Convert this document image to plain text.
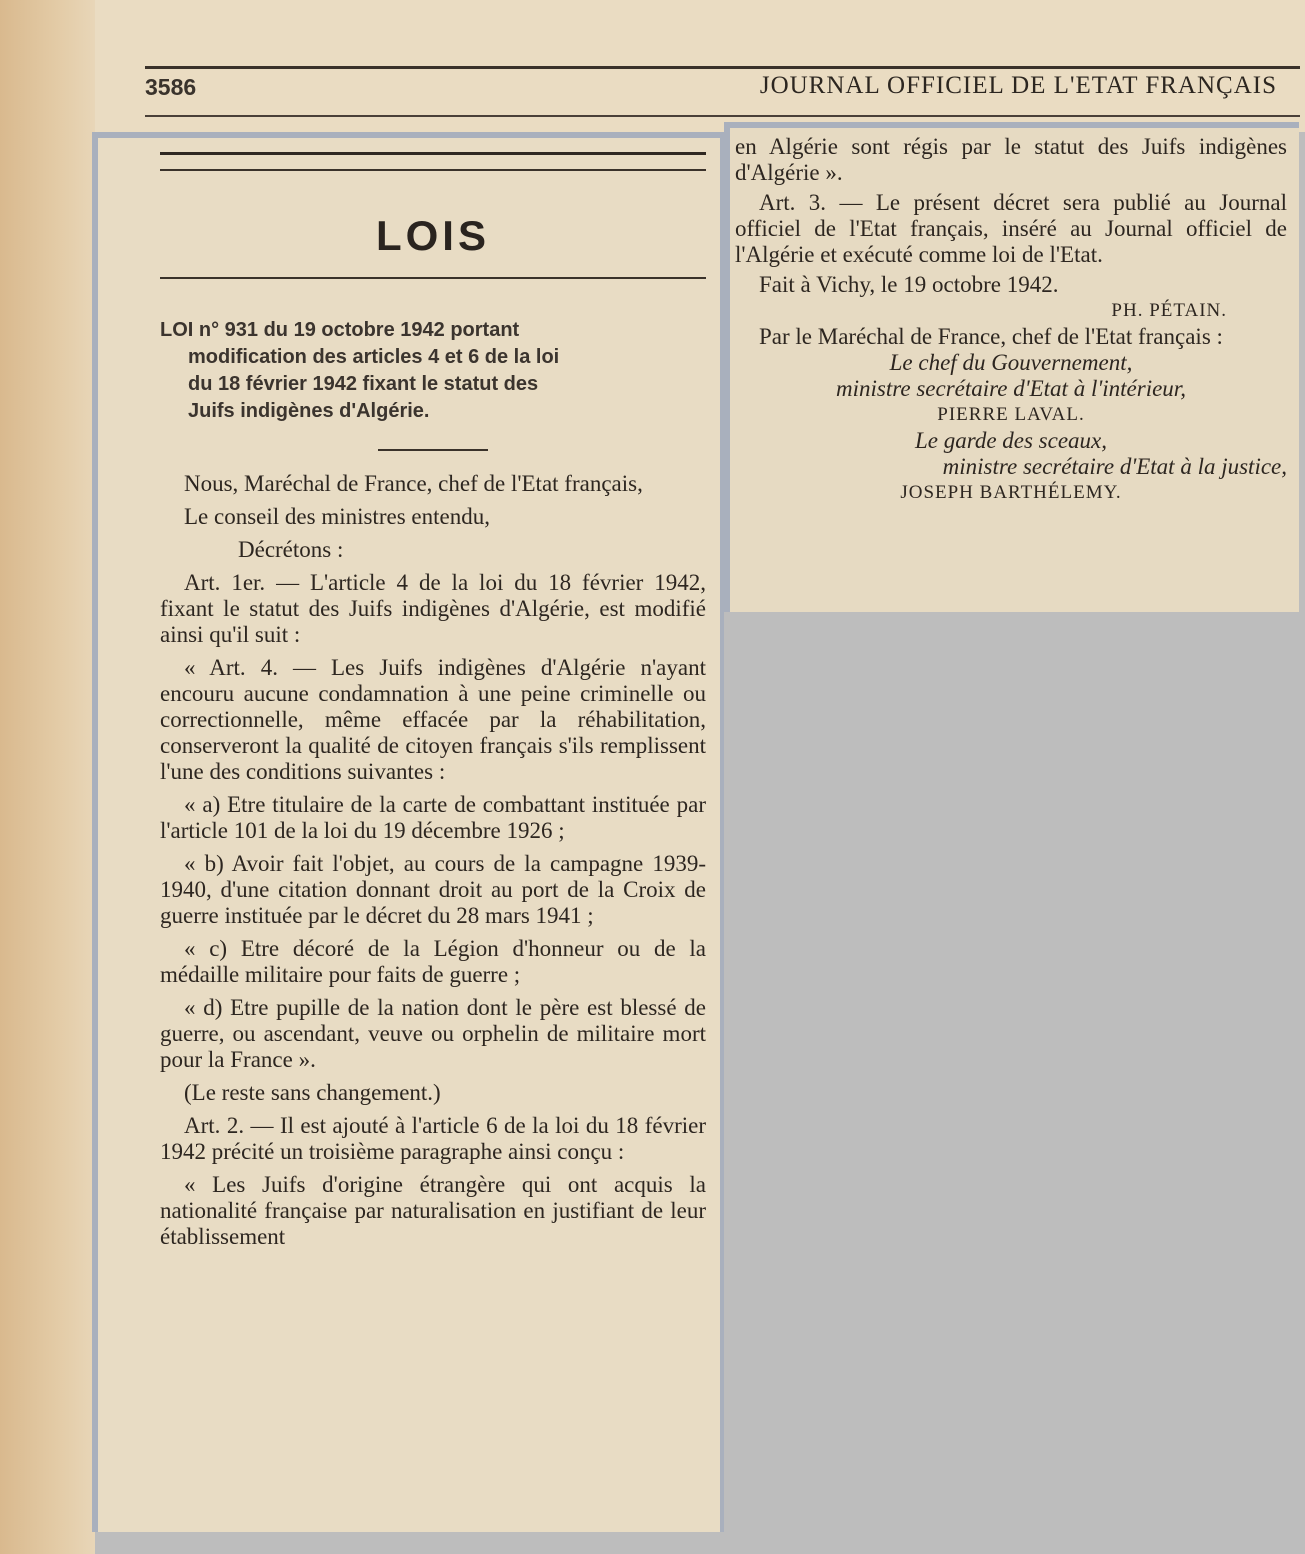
3586	JOURNAL OFFICIEL DE L'ETAT FRANÇAIS
LOIS
LOI n° 931 du 19 octobre 1942 portant
modification des articles 4 et 6 de la loi
du 18 février 1942 fixant le statut des
Juifs indigènes d'Algérie.

Nous, Maréchal de France, chef de l'Etat français,

Le conseil des ministres entendu,

Décrétons :

Art. 1er. — L'article 4 de la loi du 18 février 1942, fixant le statut des Juifs indigènes d'Algérie, est modifié ainsi qu'il suit :

« Art. 4. — Les Juifs indigènes d'Algérie n'ayant encouru aucune condamnation à une peine criminelle ou correctionnelle, même effacée par la réhabilitation, conserveront la qualité de citoyen français s'ils remplissent l'une des conditions suivantes :

« a) Etre titulaire de la carte de combattant instituée par l'article 101 de la loi du 19 décembre 1926 ;

« b) Avoir fait l'objet, au cours de la campagne 1939-1940, d'une citation donnant droit au port de la Croix de guerre instituée par le décret du 28 mars 1941 ;

« c) Etre décoré de la Légion d'honneur ou de la médaille militaire pour faits de guerre ;

« d) Etre pupille de la nation dont le père est blessé de guerre, ou ascendant, veuve ou orphelin de militaire mort pour la France ».

(Le reste sans changement.)

Art. 2. — Il est ajouté à l'article 6 de la loi du 18 février 1942 précité un troisième paragraphe ainsi conçu :

« Les Juifs d'origine étrangère qui ont acquis la nationalité française par naturalisation en justifiant de leur établissement

en Algérie sont régis par le statut des Juifs indigènes d'Algérie ».

Art. 3. — Le présent décret sera publié au Journal officiel de l'Etat français, inséré au Journal officiel de l'Algérie et exécuté comme loi de l'Etat.

Fait à Vichy, le 19 octobre 1942.

PH. PÉTAIN.

Par le Maréchal de France, chef de l'Etat français :

Le chef du Gouvernement,
ministre secrétaire d'Etat à l'intérieur,
PIERRE LAVAL.
Le garde des sceaux,
ministre secrétaire d'Etat à la justice,
JOSEPH BARTHÉLEMY.
